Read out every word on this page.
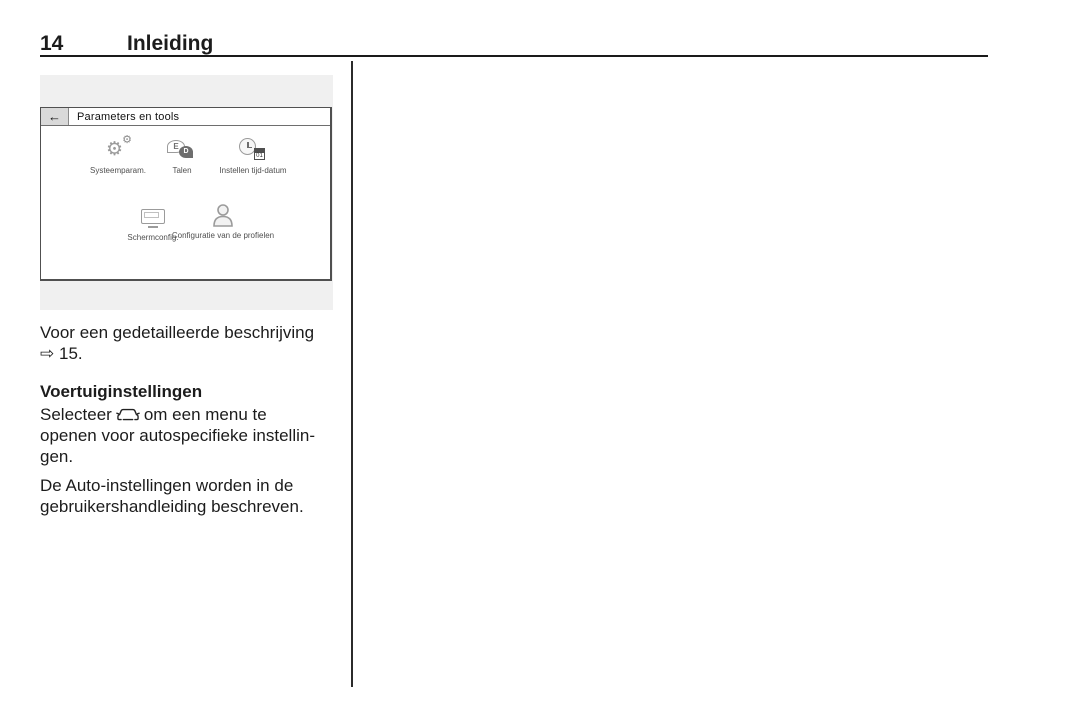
14	Inleiding
←	Parameters en tools
⚙ ⚙
Systeemparam.
E
D
Talen
01
Instellen tijd-datum
Schermconfig.
Configuratie van de profielen
Voor een gedetailleerde beschrijving
⇨ 15.
Voertuiginstellingen
Selecteer om een menu te
openen voor autospecifieke instellin-
gen.
De Auto-instellingen worden in de
gebruikershandleiding beschreven.
